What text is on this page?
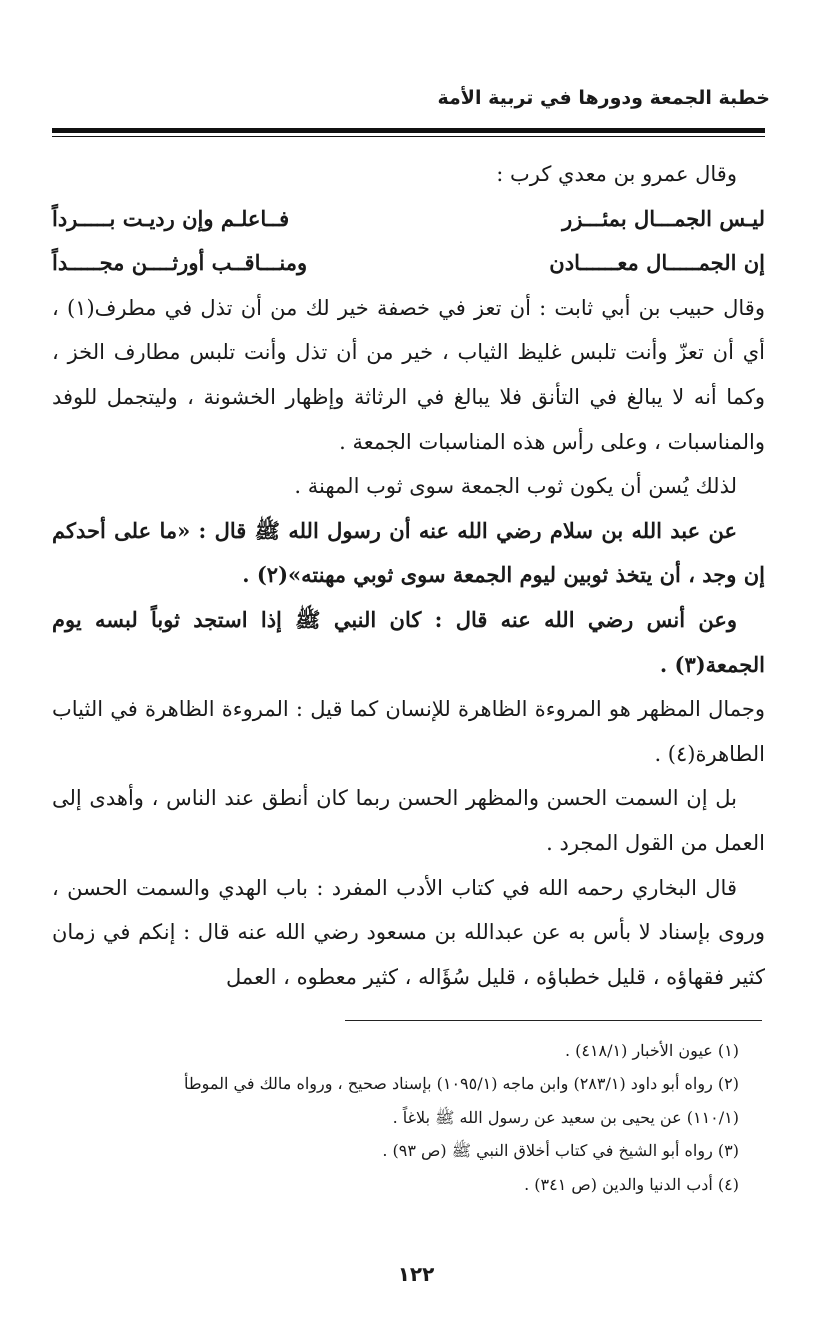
خطبة الجمعة ودورها في تربية الأمة
وقال عمرو بن معدي كرب :
ليـس الجمـــال بمئـــزر
فــاعلـم وإن رديـت بـــــرداً
إن الجمـــــال معــــــادن
ومنـــاقــب أورثــــن مجـــــداً

وقال حبيب بن أبي ثابت : أن تعز في خصفة خير لك من أن تذل في مطرف(١) ، أي أن تعزّ وأنت تلبس غليظ الثياب ، خير من أن تذل وأنت تلبس مطارف الخز ، وكما أنه لا يبالغ في التأنق فلا يبالغ في الرثاثة وإظهار الخشونة ، وليتجمل للوفد والمناسبات ، وعلى رأس هذه المناسبات الجمعة .

لذلك يُسن أن يكون ثوب الجمعة سوى ثوب المهنة .

عن عبد الله بن سلام رضي الله عنه أن رسول الله ﷺ قال : «ما على أحدكم إن وجد ، أن يتخذ ثوبين ليوم الجمعة سوى ثوبي مهنته»(٢) .

وعن أنس رضي الله عنه قال : كان النبي ﷺ إذا استجد ثوباً لبسه يوم الجمعة(٣) .

وجمال المظهر هو المروءة الظاهرة للإنسان كما قيل : المروءة الظاهرة في الثياب الطاهرة(٤) .

بل إن السمت الحسن والمظهر الحسن ربما كان أنطق عند الناس ، وأهدى إلى العمل من القول المجرد .

قال البخاري رحمه الله في كتاب الأدب المفرد : باب الهدي والسمت الحسن ، وروى بإسناد لا بأس به عن عبدالله بن مسعود رضي الله عنه قال : إنكم في زمان كثير فقهاؤه ، قليل خطباؤه ، قليل سُؤَاله ، كثير معطوه ، العمل

(١) عيون الأخبار (٤١٨/١) .

(٢) رواه أبو داود (٢٨٣/١) وابن ماجه (١٠٩٥/١) بإسناد صحيح ، ورواه مالك في الموطأ

(١١٠/١) عن يحيى بن سعيد عن رسول الله ﷺ بلاغاً .

(٣) رواه أبو الشيخ في كتاب أخلاق النبي ﷺ (ص ٩٣) .

(٤) أدب الدنيا والدين (ص ٣٤١) .

١٢٢
